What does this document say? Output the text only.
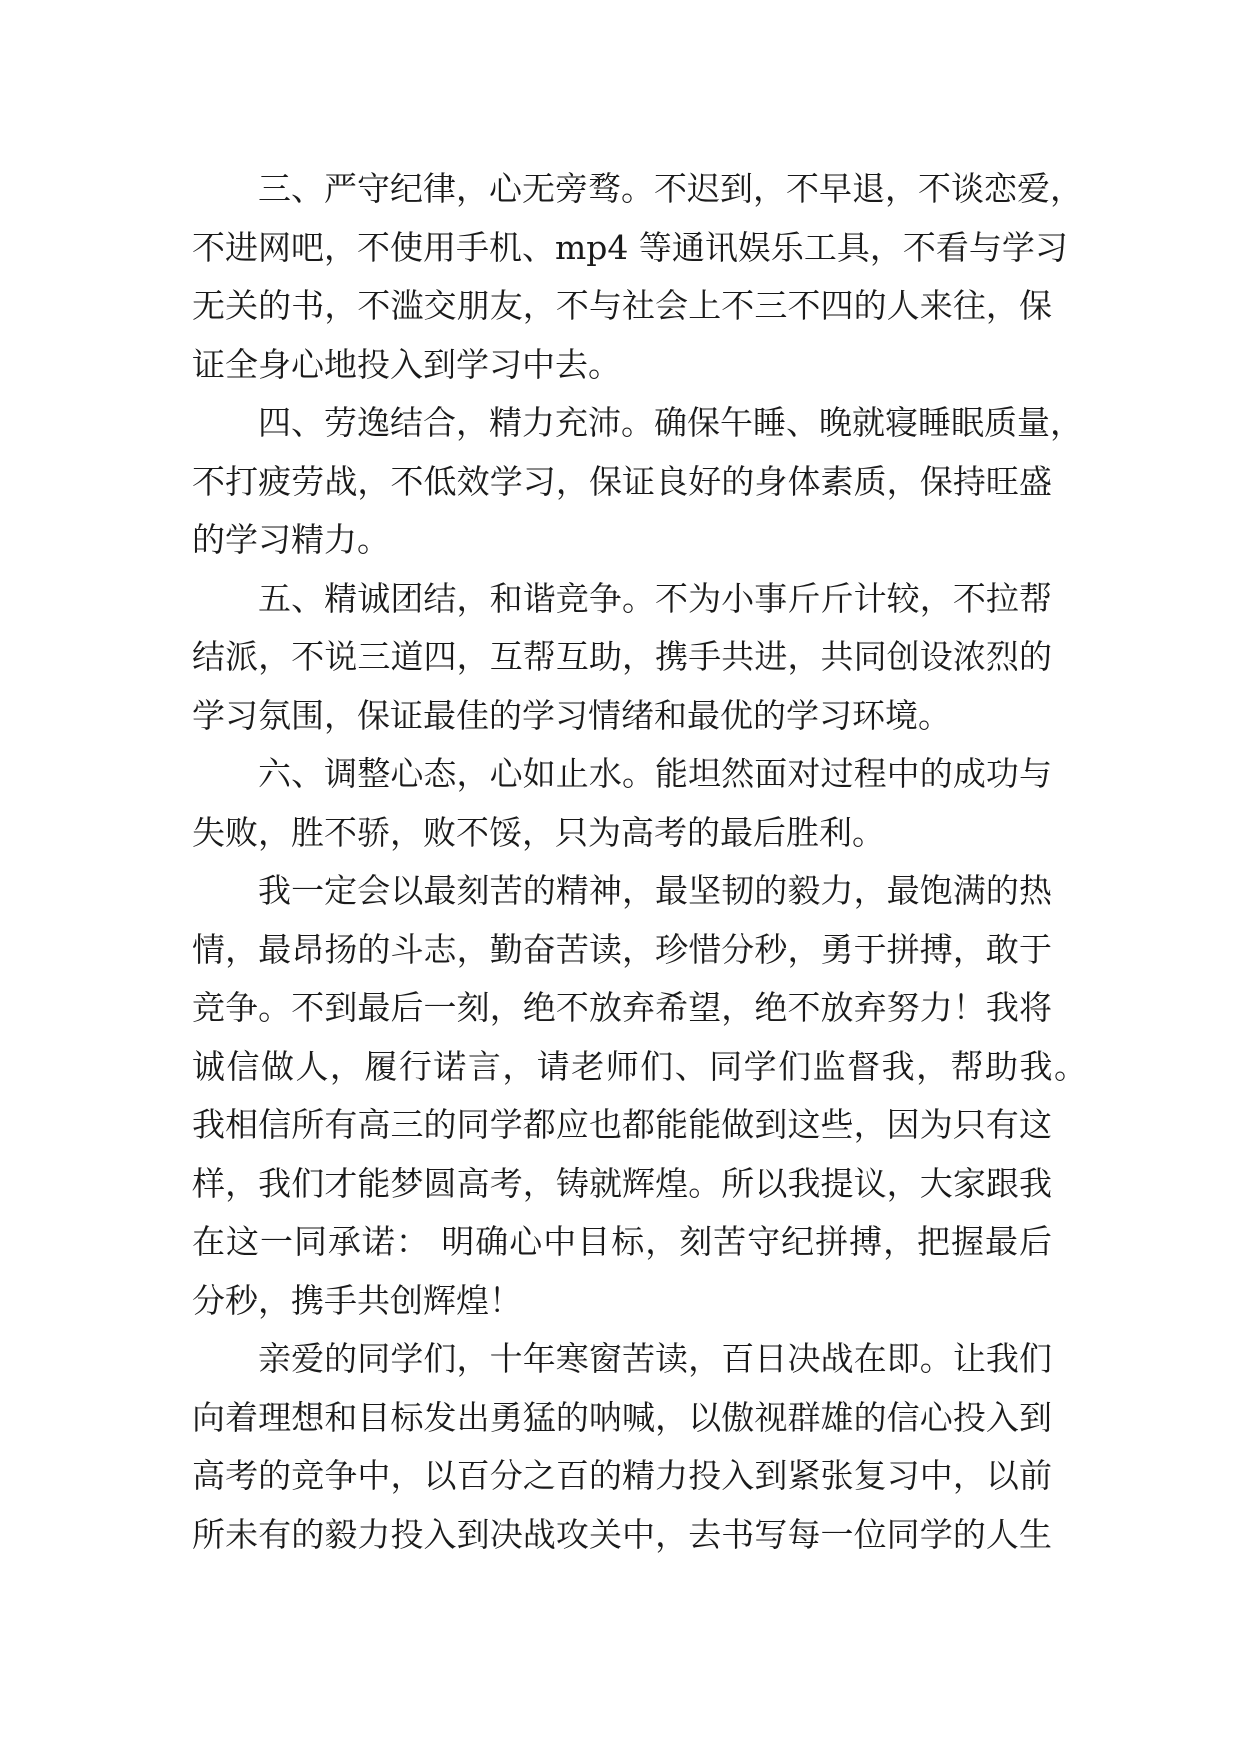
三、严守纪律，心无旁骛。不迟到，不早退，不谈恋爱，

不进网吧，不使用手机、mp4 等通讯娱乐工具，不看与学习

无关的书，不滥交朋友，不与社会上不三不四的人来往，保

证全身心地投入到学习中去。

四、劳逸结合，精力充沛。确保午睡、晚就寝睡眠质量，

不打疲劳战，不低效学习，保证良好的身体素质，保持旺盛

的学习精力。

五、精诚团结，和谐竞争。不为小事斤斤计较，不拉帮

结派，不说三道四，互帮互助，携手共进，共同创设浓烈的

学习氛围，保证最佳的学习情绪和最优的学习环境。

六、调整心态，心如止水。能坦然面对过程中的成功与

失败，胜不骄，败不馁，只为高考的最后胜利。

我一定会以最刻苦的精神，最坚韧的毅力，最饱满的热

情，最昂扬的斗志，勤奋苦读，珍惜分秒，勇于拼搏，敢于

竞争。不到最后一刻，绝不放弃希望，绝不放弃努力！我将

诚信做人，履行诺言，请老师们、同学们监督我，帮助我。

我相信所有高三的同学都应也都能能做到这些，因为只有这

样，我们才能梦圆高考，铸就辉煌。所以我提议，大家跟我

在这一同承诺： 明确心中目标，刻苦守纪拼搏，把握最后

分秒，携手共创辉煌！

亲爱的同学们，十年寒窗苦读，百日决战在即。让我们

向着理想和目标发出勇猛的呐喊，以傲视群雄的信心投入到

高考的竞争中，以百分之百的精力投入到紧张复习中，以前

所未有的毅力投入到决战攻关中，去书写每一位同学的人生
